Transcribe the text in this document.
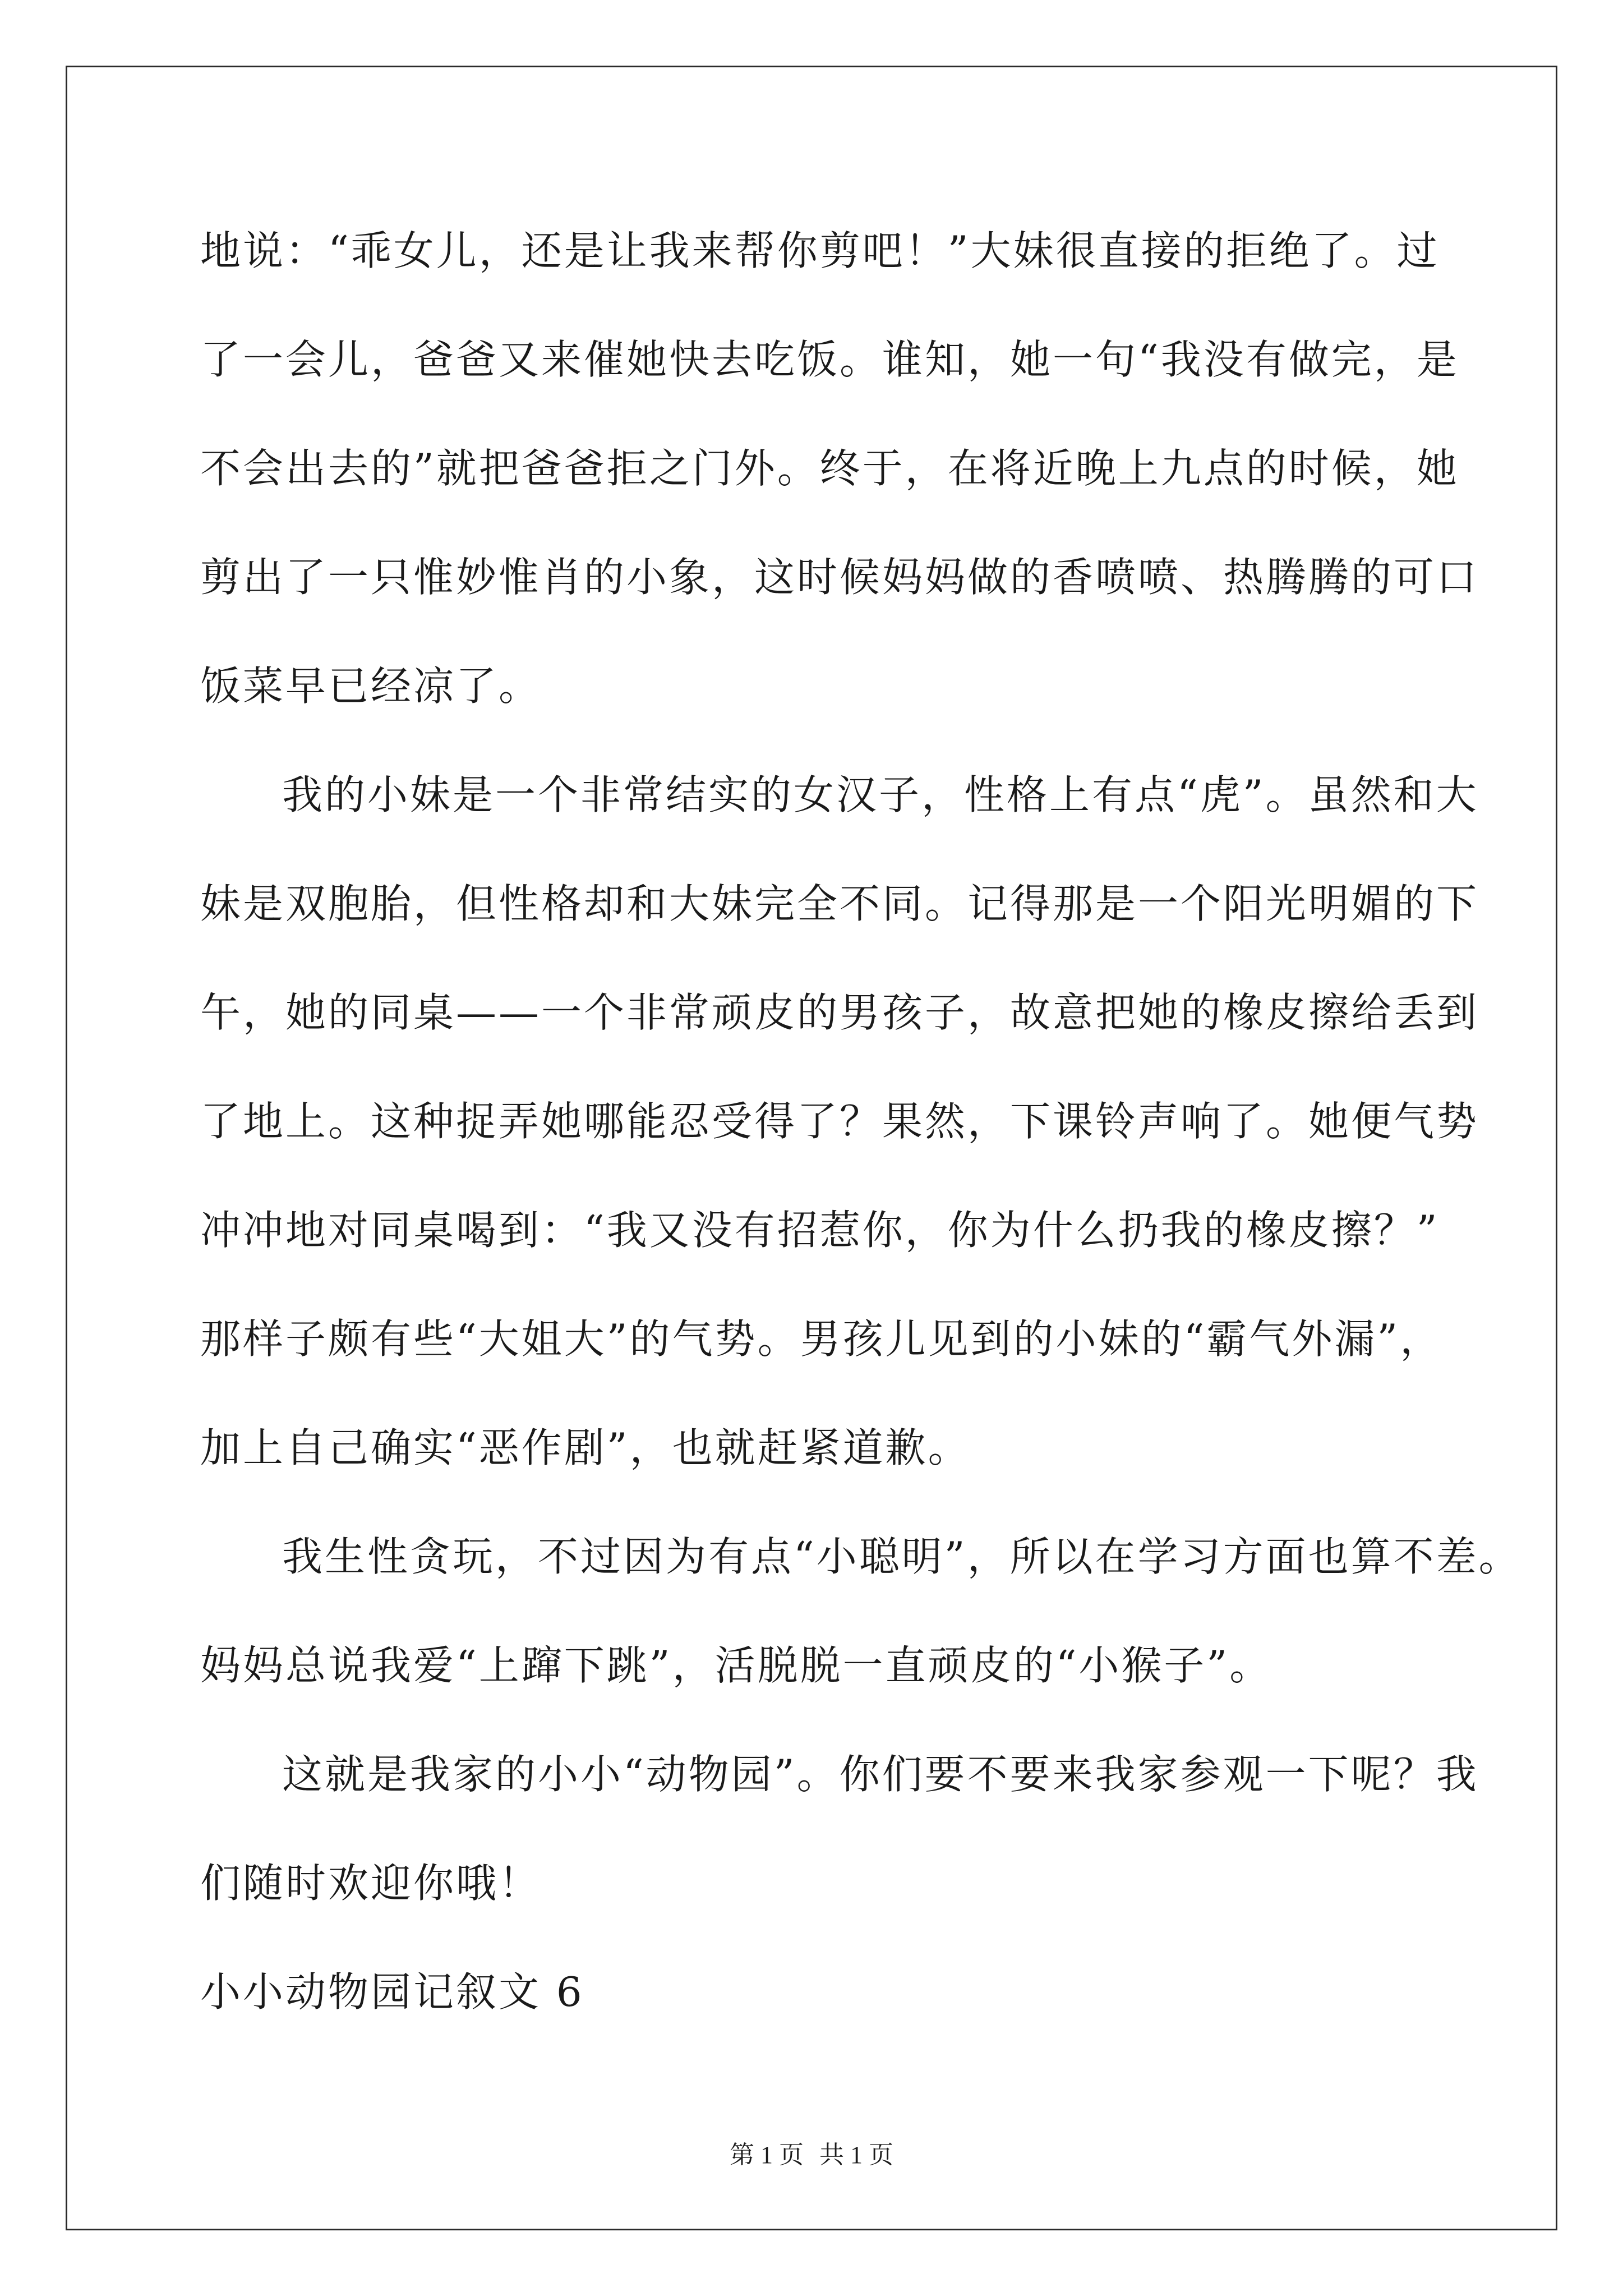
地说：“乖女儿，还是让我来帮你剪吧！”大妹很直接的拒绝了。过
了一会儿，爸爸又来催她快去吃饭。谁知，她一句“我没有做完，是
不会出去的”就把爸爸拒之门外。终于，在将近晚上九点的时候，她
剪出了一只惟妙惟肖的小象，这时候妈妈做的香喷喷、热腾腾的可口
饭菜早已经凉了。
我的小妹是一个非常结实的女汉子，性格上有点“虎”。虽然和大
妹是双胞胎，但性格却和大妹完全不同。记得那是一个阳光明媚的下
午，她的同桌——一个非常顽皮的男孩子，故意把她的橡皮擦给丢到
了地上。这种捉弄她哪能忍受得了？果然，下课铃声响了。她便气势
冲冲地对同桌喝到：“我又没有招惹你，你为什么扔我的橡皮擦？”
那样子颇有些“大姐大”的气势。男孩儿见到的小妹的“霸气外漏”，
加上自己确实“恶作剧”，也就赶紧道歉。
我生性贪玩，不过因为有点“小聪明”，所以在学习方面也算不差。
妈妈总说我爱“上蹿下跳”，活脱脱一直顽皮的“小猴子”。
这就是我家的小小“动物园”。你们要不要来我家参观一下呢？我
们随时欢迎你哦！
小小动物园记叙文 6
第 1 页 共 1 页
